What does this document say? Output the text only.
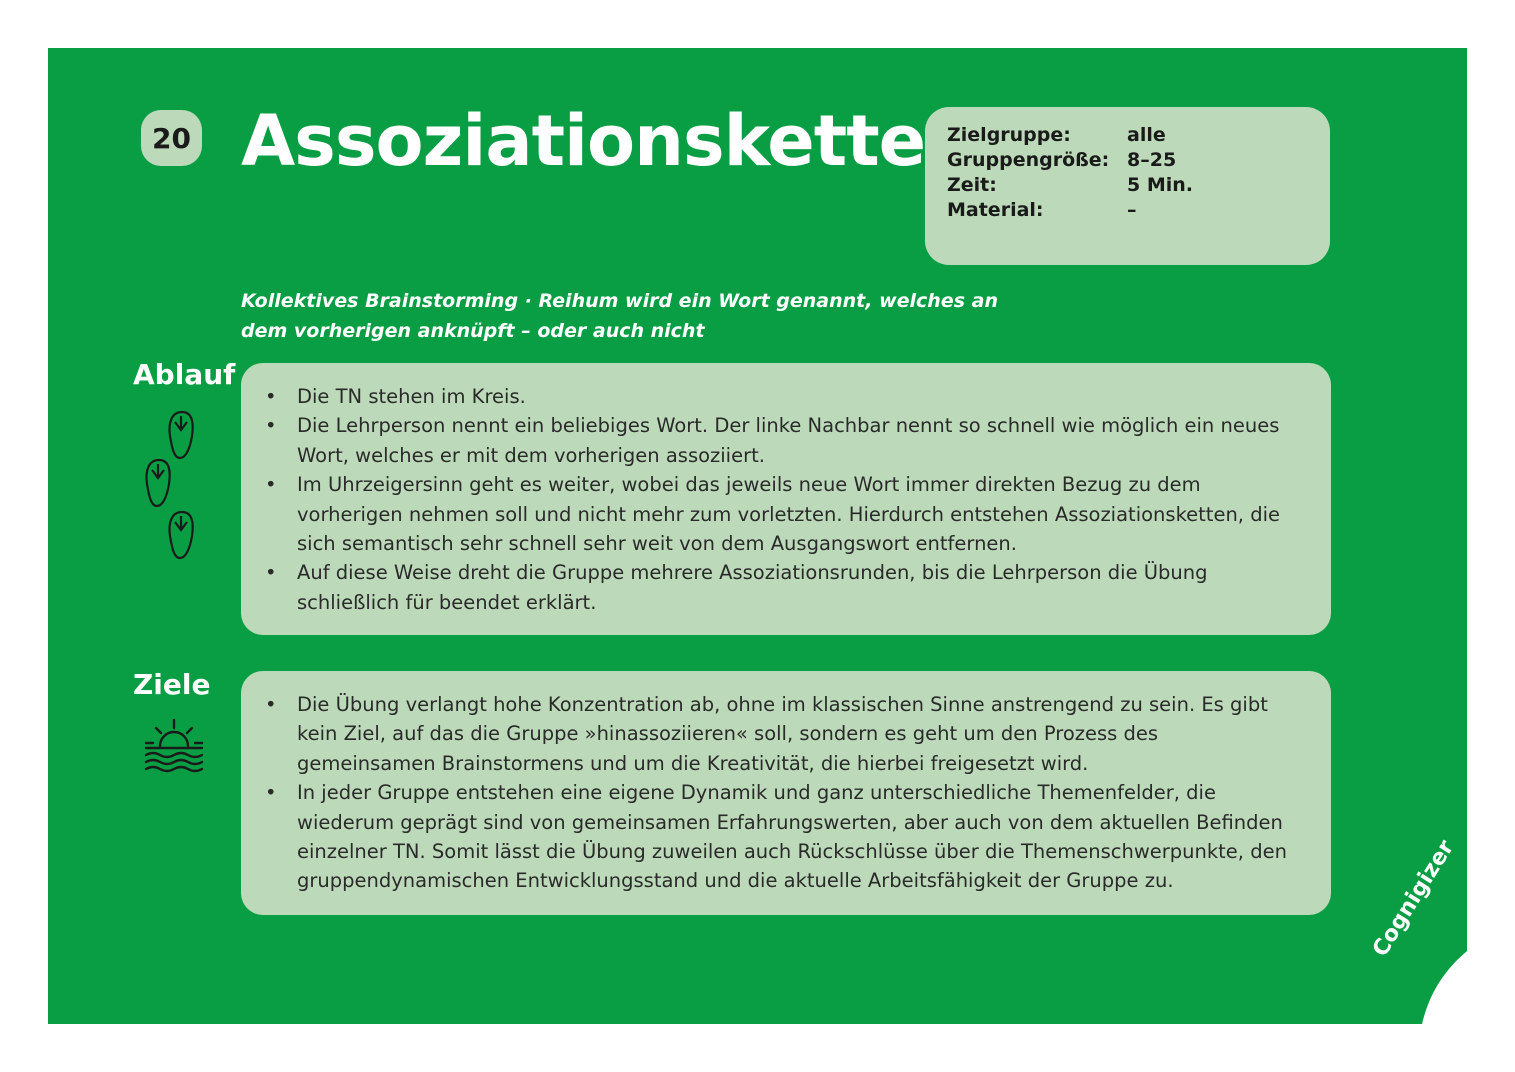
20 Assoziationskette Zielgruppe:	alle
Gruppengröße: 8–25
Zeit:	5 Min.
Material:	–
Kollektives Brainstorming · Reihum wird ein Wort genannt, welches an dem vorherigen anknüpft – oder auch nicht
Ablauf
• Die TN stehen im Kreis.
• Die Lehrperson nennt ein beliebiges Wort. Der linke Nachbar nennt so schnell wie möglich ein neues Wort, welches er mit dem vorherigen assoziiert.
• Im Uhrzeigersinn geht es weiter, wobei das jeweils neue Wort immer direkten Bezug zu dem vorherigen nehmen soll und nicht mehr zum vorletzten. Hierdurch entstehen Assoziationsketten, die sich semantisch sehr schnell sehr weit von dem Ausgangswort entfernen.
• Auf diese Weise dreht die Gruppe mehrere Assoziationsrunden, bis die Lehrperson die Übung schließlich für beendet erklärt.
Ziele
• Die Übung verlangt hohe Konzentration ab, ohne im klassischen Sinne anstrengend zu sein. Es gibt kein Ziel, auf das die Gruppe »hinassoziieren« soll, sondern es geht um den Prozess des gemeinsamen Brainstormens und um die Kreativität, die hierbei freigesetzt wird.
• In jeder Gruppe entstehen eine eigene Dynamik und ganz unterschiedliche Themenfelder, die wiederum geprägt sind von gemeinsamen Erfahrungswerten, aber auch von dem aktuellen Befinden einzelner TN. Somit lässt die Übung zuweilen auch Rückschlüsse über die Themenschwerpunkte, den gruppendynamischen Entwicklungsstand und die aktuelle Arbeitsfähigkeit der Gruppe zu.	Cognigizer
